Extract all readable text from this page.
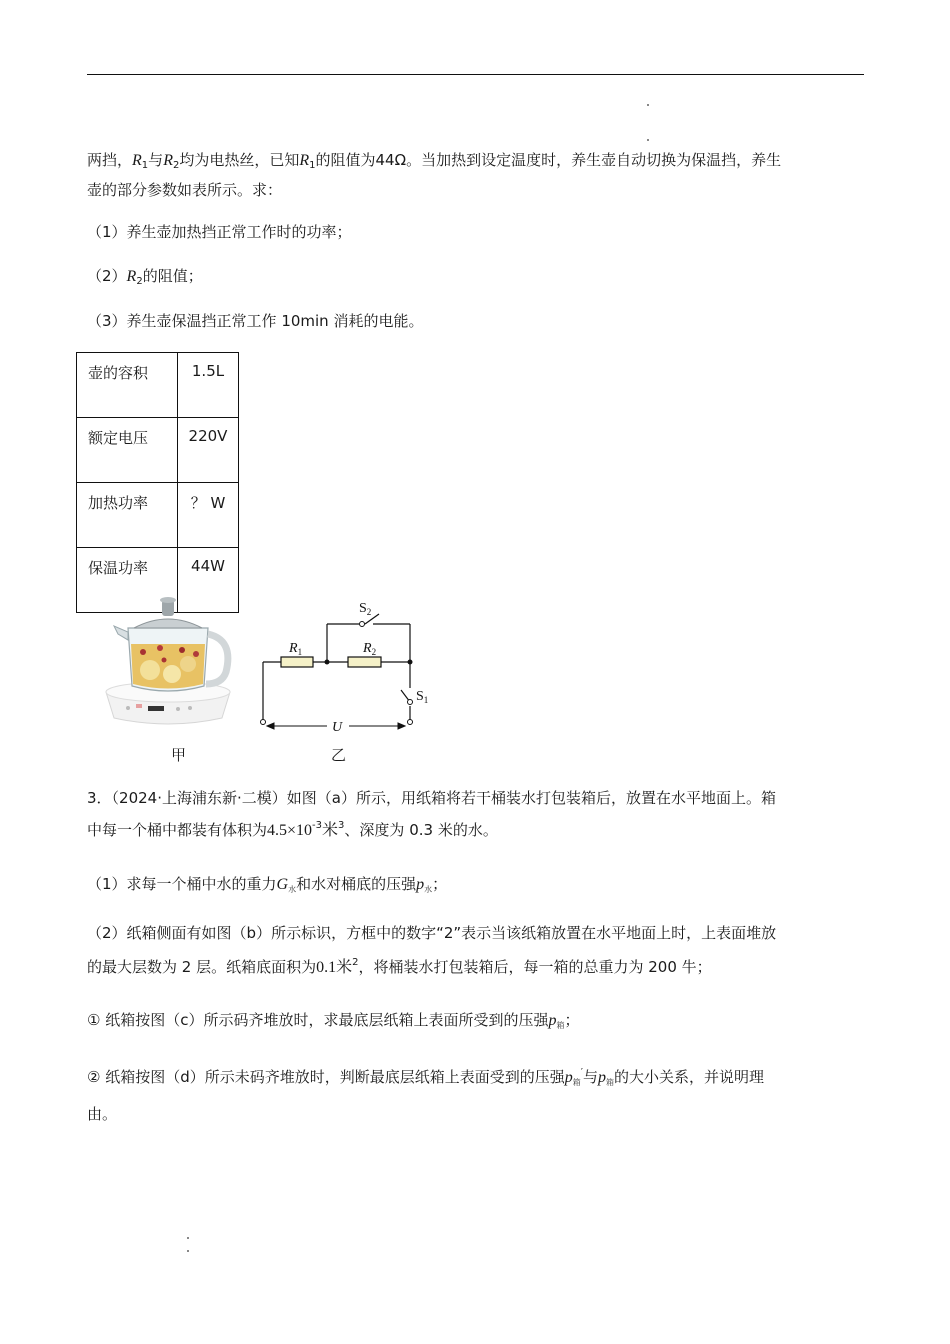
两挡，$R_1$与$R_2$均为电热丝，已知$R_1$的阻值为44Ω。当加热到设定温度时，养生壶自动切换为保温挡，养生
壶的部分参数如表所示。求：
（1）养生壶加热挡正常工作时的功率；
$(2)R_2$的阻值；
（3）养生壶保温挡正常工作 10min 消耗的电能。
壶的容积	1.5L
额定电压	220V
加热功率	？ W
保温功率	44W
甲
$R_1$	$R_2$
$S_2$
$S_1$
U
乙
3．（2024·上海浦东新·二模）如图（a）所示，用纸箱将若干桶装水打包装箱后，放置在水平地面上。箱
中每一个桶中都装有体积为$4.5\times 10^{-3}$米$^3$、深度为 0.3 米的水。
（1）求每一个桶中水的重力$G_水$和水对桶底的压强$p_水$；
（2）纸箱侧面有如图（b）所示标识，方框中的数字“2”表示当该纸箱放置在水平地面上时，上表面堆放
的最大层数为 2 层。纸箱底面积为0.1米$^2$，将桶装水打包装箱后，每一箱的总重力为 200 牛；
① 纸箱按图（c）所示码齐堆放时，求最底层纸箱上表面所受到的压强$p_箱$；
② 纸箱按图（d）所示未码齐堆放时，判断最底层纸箱上表面受到的压强$p_箱'$与$p_箱$的大小关系，并说明理
由。
